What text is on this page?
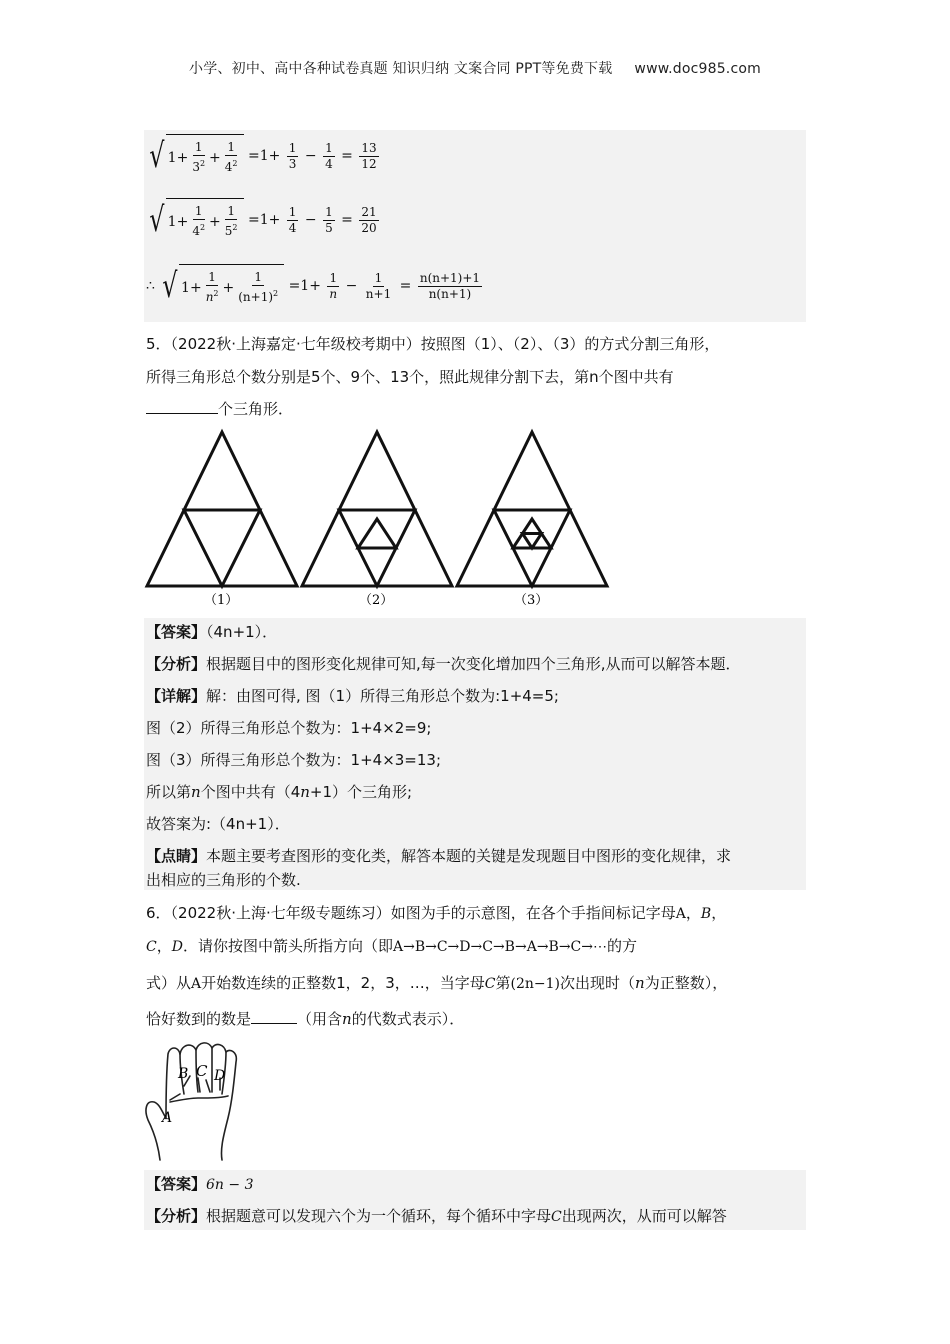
小学、初中、高中各种试卷真题 知识归纳 文案合同 PPT等免费下载 www.doc985.com
√ $1+ \frac{1}{3^2} + \frac{1}{4^2} =1+ \frac{1}{3} - \frac{1}{4} = \frac{13}{12}$
√ $1+ \frac{1}{4^2} + \frac{1}{5^2} =1+ \frac{1}{4} - \frac{1}{5} = \frac{21}{20}$
∴ √ $1+ \frac{1}{n^2} + \frac{1}{(n+1)^2} =1+ \frac{1}{n} - \frac{1}{n+1} = \frac{n(n+1)+1}{n(n+1)}$
5．（2022秋·上海嘉定·七年级校考期中）按照图（1）、（2）、（3）的方式分割三角形，
所得三角形总个数分别是5个、9个、13个，照此规律分割下去，第n个图中共有
个三角形．
（1）	（2）	（3）
【答案】（4n+1）．
【分析】根据题目中的图形变化规律可知,每一次变化增加四个三角形,从而可以解答本题．
【详解】解：由图可得, 图（1）所得三角形总个数为:1+4=5;
图（2）所得三角形总个数为：1+4×2=9;
图（3）所得三角形总个数为：1+4×3=13;
所以第n个图中共有（4n+1）个三角形;
故答案为:（4n+1）．
【点睛】本题主要考查图形的变化类，解答本题的关键是发现题目中图形的变化规律，求
出相应的三角形的个数.
6．（2022秋·上海·七年级专题练习）如图为手的示意图，在各个手指间标记字母A，B，
C，D．请你按图中箭头所指方向（即A→B→C→D→C→B→A→B→C→⋯的方
式）从A开始数连续的正整数1，2，3，…，当字母C第(2n−1)次出现时（n为正整数），
恰好数到的数是	（用含n的代数式表示）．
A
B C D
【答案】6n − 3
【分析】根据题意可以发现六个为一个循环，每个循环中字母C出现两次，从而可以解答
